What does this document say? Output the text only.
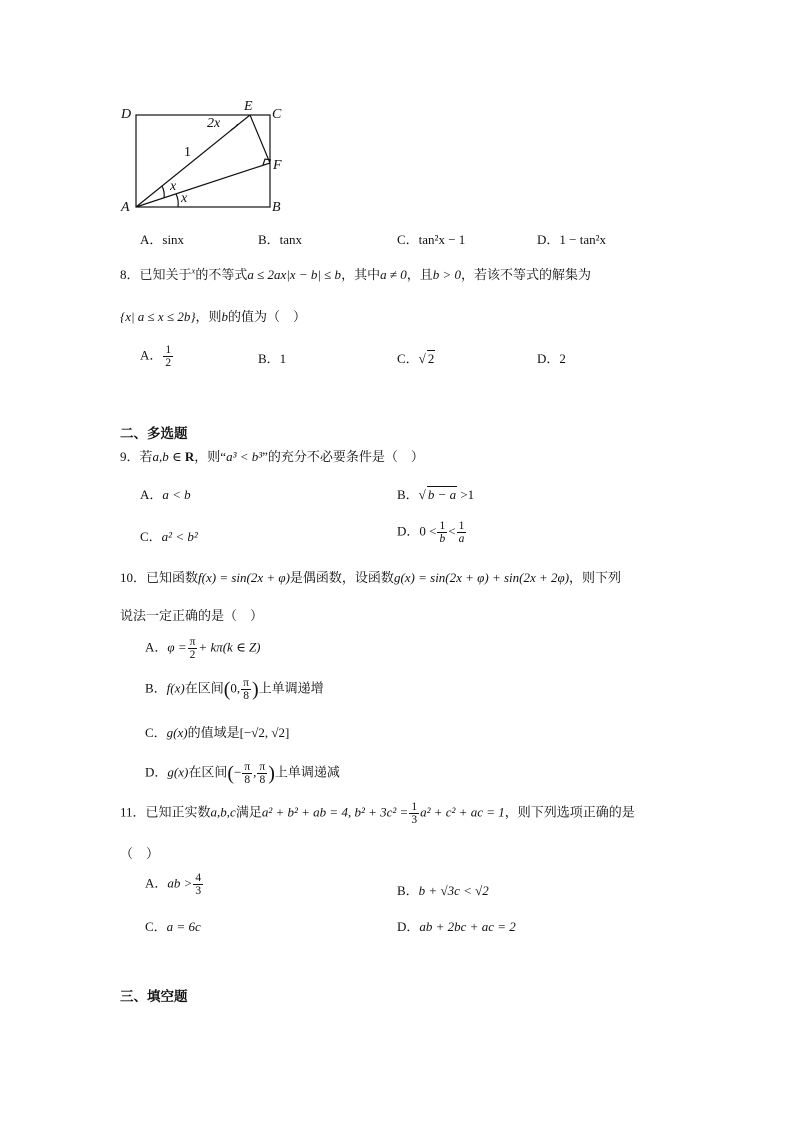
D
E
C
F
A	B
2x
1
x
x
A．sinx	B．tanx	C．tan²x − 1	D．1 − tan²x
8．已知关于$^x$的不等式a ≤ 2ax|x − b| ≤ b，其中a ≠ 0，且b > 0，若该不等式的解集为
{x| a ≤ x ≤ 2b}，则b的值为（　）
A． $\frac{1}{2}$	B．1	C．√ 2	D．2
二、多选题
9．若a,b ∈ R，则“a³ < b³”的充分不必要条件是（　）
A．a < b	B．√ b − a >1
C．a² < b²	D．$0 < \frac{1}{b} < \frac{1}{a}$
10．已知函数f(x) = sin(2x + φ)是偶函数，设函数g(x) = sin(2x + φ) + sin(2x + 2φ)，则下列
说法一定正确的是（　）
A．$\varphi = \frac{\pi}{2} + k\pi(k$ ∈ Z)
B．f(x)在区间(0, $\frac{\pi}{8}$ )上单调递增
C．g(x)的值域是[−√2, √2]
D．g(x)在区间(− $\frac{\pi}{8}$ , $\frac{\pi}{8}$ )上单调递减
11．已知正实数a,b,c满足a² + b² + ab = 4, $b^2 + 3c^2 = \frac{1}{3} a^2 + c^2$ + ac = 1，则下列选项正确的是
（　）
A．ab > $\frac{4}{3}$	B．b + √3c < √2
C．a = 6c	D．ab + 2bc + ac = 2
三、填空题
